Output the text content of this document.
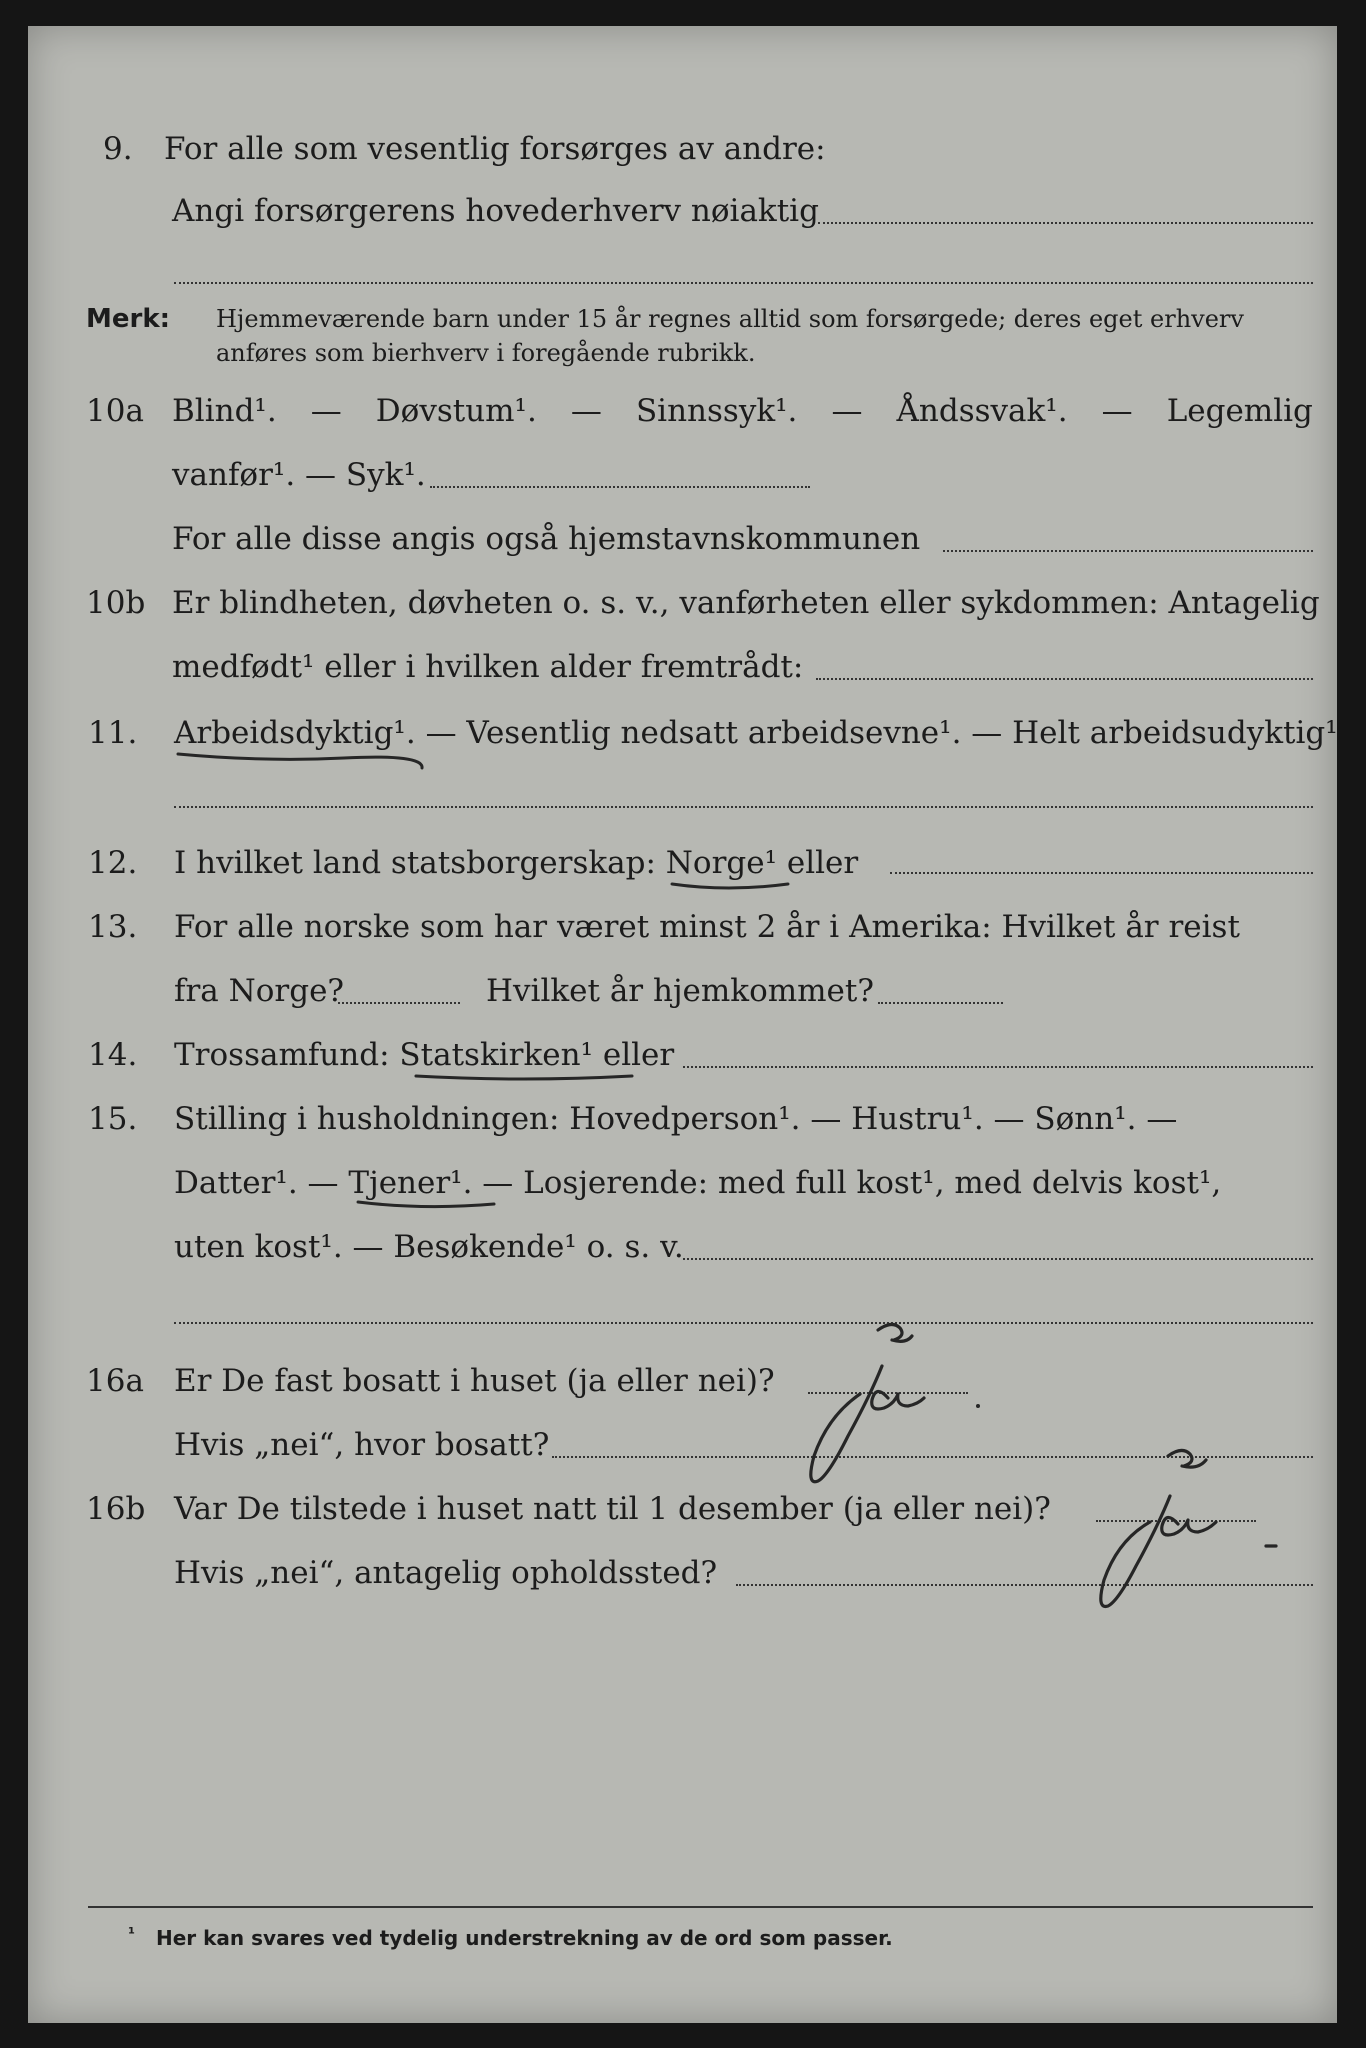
9. For alle som vesentlig forsørges av andre:
Angi forsørgerens hovederhverv nøiaktig
Merk: Hjemmeværende barn under 15 år regnes alltid som forsørgede; deres eget erhverv
anføres som bierhverv i foregående rubrikk.
10a Blind¹. — Døvstum¹. — Sinnssyk¹. — Åndssvak¹. — Legemlig
vanfør¹. — Syk¹.
For alle disse angis også hjemstavnskommunen
10b Er blindheten, døvheten o. s. v., vanførheten eller sykdommen: Antagelig
medfødt¹ eller i hvilken alder fremtrådt:
11. Arbeidsdyktig¹. — Vesentlig nedsatt arbeidsevne¹. — Helt arbeidsudyktig¹
12. I hvilket land statsborgerskap: Norge¹ eller
13. For alle norske som har været minst 2 år i Amerika: Hvilket år reist
fra Norge?	Hvilket år hjemkommet?
14. Trossamfund: Statskirken¹ eller
15. Stilling i husholdningen: Hovedperson¹. — Hustru¹. — Sønn¹. —
Datter¹. — Tjener¹. — Losjerende: med full kost¹, med delvis kost¹,
uten kost¹. — Besøkende¹ o. s. v.
16a Er De fast bosatt i huset (ja eller nei)?
Hvis „nei“, hvor bosatt?
16b Var De tilstede i huset natt til 1 desember (ja eller nei)?
Hvis „nei“, antagelig opholdssted?
¹ Her kan svares ved tydelig understrekning av de ord som passer.
